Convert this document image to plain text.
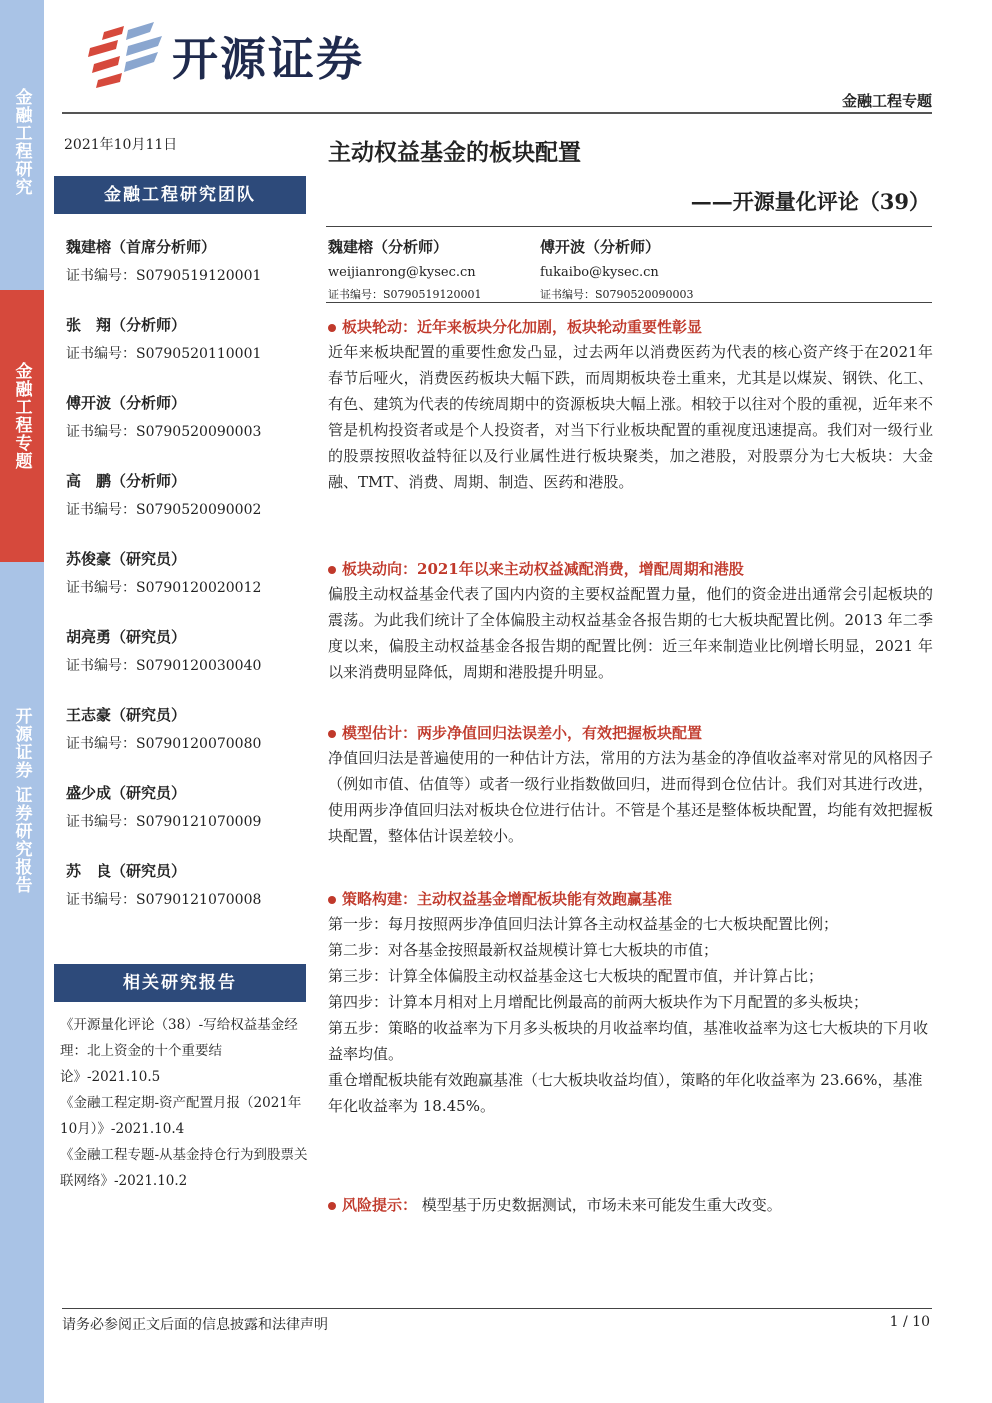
金融工程研究
金融工程专题
开源证券 证券研究报告
开源证券
金融工程专题
2021年10月11日
金融工程研究团队
魏建榕（首席分析师）
证书编号：S0790519120001
张　翔（分析师）
证书编号：S0790520110001
傅开波（分析师）
证书编号：S0790520090003
高　鹏（分析师）
证书编号：S0790520090002
苏俊豪（研究员）
证书编号：S0790120020012
胡亮勇（研究员）
证书编号：S0790120030040
王志豪（研究员）
证书编号：S0790120070080
盛少成（研究员）
证书编号：S0790121070009
苏　良（研究员）
证书编号：S0790121070008
相关研究报告
《开源量化评论（38）-写给权益基金经理：北上资金的十个重要结论》-2021.10.5
《金融工程定期-资产配置月报（2021年10月）》-2021.10.4
《金融工程专题-从基金持仓行为到股票关联网络》-2021.10.2
主动权益基金的板块配置
——开源量化评论（39）
魏建榕（分析师）
weijianrong@kysec.cn
证书编号：S0790519120001
傅开波（分析师）
fukaibo@kysec.cn
证书编号：S0790520090003
板块轮动：近年来板块分化加剧，板块轮动重要性彰显
近年来板块配置的重要性愈发凸显，过去两年以消费医药为代表的核心资产终于在2021年春节后哑火，消费医药板块大幅下跌，而周期板块卷土重来，尤其是以煤炭、钢铁、化工、有色、建筑为代表的传统周期中的资源板块大幅上涨。相较于以往对个股的重视，近年来不管是机构投资者或是个人投资者，对当下行业板块配置的重视度迅速提高。我们对一级行业的股票按照收益特征以及行业属性进行板块聚类，加之港股，对股票分为七大板块：大金融、TMT、消费、周期、制造、医药和港股。
板块动向：2021年以来主动权益减配消费，增配周期和港股
偏股主动权益基金代表了国内内资的主要权益配置力量，他们的资金进出通常会引起板块的震荡。为此我们统计了全体偏股主动权益基金各报告期的七大板块配置比例。2013 年二季度以来，偏股主动权益基金各报告期的配置比例：近三年来制造业比例增长明显，2021 年以来消费明显降低，周期和港股提升明显。
模型估计：两步净值回归法误差小，有效把握板块配置
净值回归法是普遍使用的一种估计方法，常用的方法为基金的净值收益率对常见的风格因子（例如市值、估值等）或者一级行业指数做回归，进而得到仓位估计。我们对其进行改进，使用两步净值回归法对板块仓位进行估计。不管是个基还是整体板块配置，均能有效把握板块配置，整体估计误差较小。
策略构建：主动权益基金增配板块能有效跑赢基准
第一步：每月按照两步净值回归法计算各主动权益基金的七大板块配置比例；
第二步：对各基金按照最新权益规模计算七大板块的市值；
第三步：计算全体偏股主动权益基金这七大板块的配置市值，并计算占比；
第四步：计算本月相对上月增配比例最高的前两大板块作为下月配置的多头板块；
第五步：策略的收益率为下月多头板块的月收益率均值，基准收益率为这七大板块的下月收益率均值。
重仓增配板块能有效跑赢基准（七大板块收益均值），策略的年化收益率为 23.66%，基准年化收益率为 18.45%。
风险提示： 模型基于历史数据测试，市场未来可能发生重大改变。
请务必参阅正文后面的信息披露和法律声明	1 / 10
